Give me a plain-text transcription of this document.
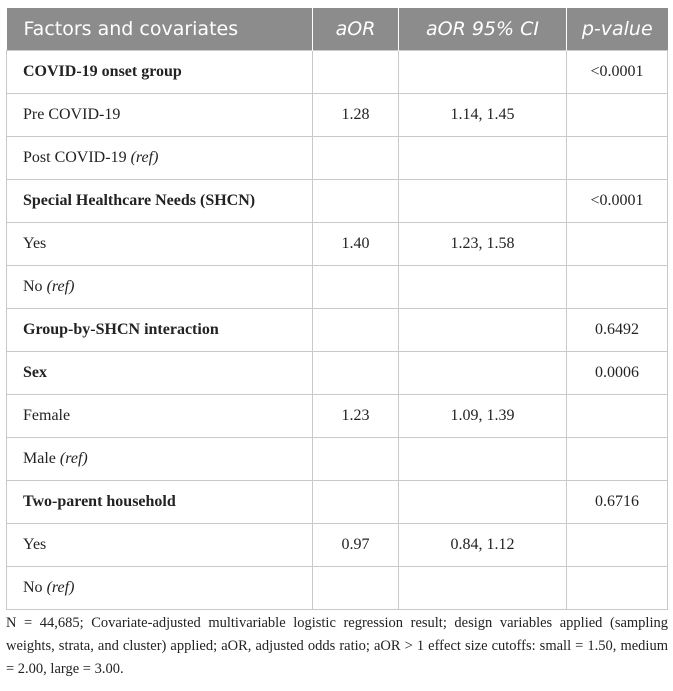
Factors and covariates	aOR	aOR 95% CI	p-value
COVID-19 onset group			<0.0001
Pre COVID-19	1.28	1.14, 1.45	
Post COVID-19 (ref)			
Special Healthcare Needs (SHCN)			<0.0001
Yes	1.40	1.23, 1.58	
No (ref)			
Group-by-SHCN interaction			0.6492
Sex			0.0006
Female	1.23	1.09, 1.39	
Male (ref)			
Two-parent household			0.6716
Yes	0.97	0.84, 1.12	
No (ref)			

N = 44,685; Covariate-adjusted multivariable logistic regression result; design variables applied (sampling weights, strata, and cluster) applied; aOR, adjusted odds ratio; aOR > 1 effect size cutoffs: small = 1.50, medium = 2.00, large = 3.00.
